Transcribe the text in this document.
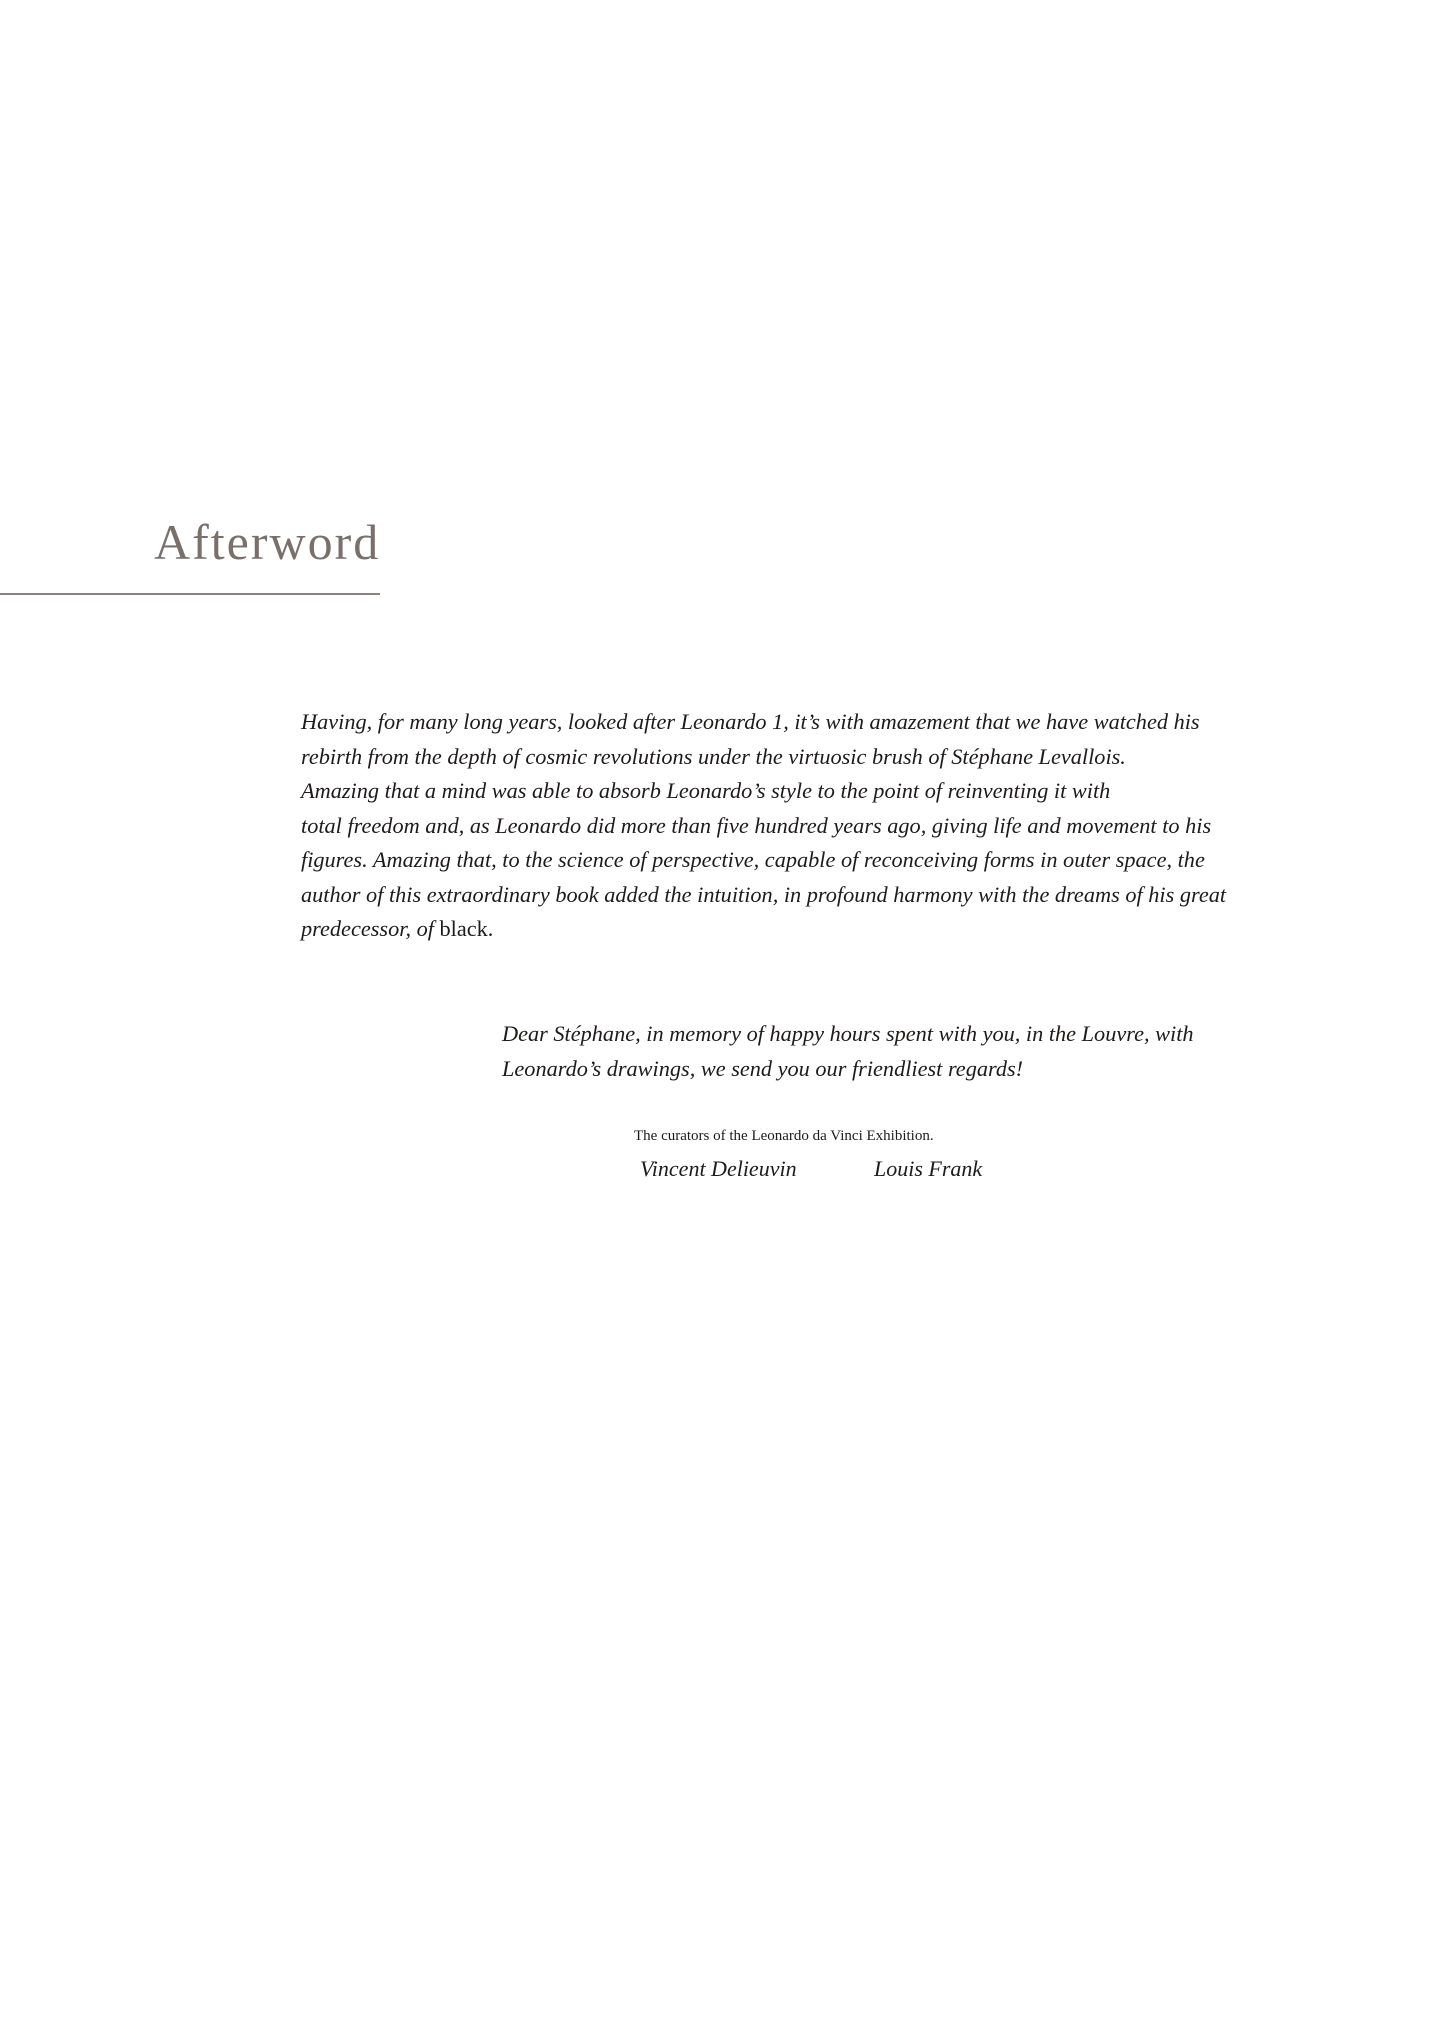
Afterword

Having, for many long years, looked after Leonardo 1, it’s with amazement that we have watched his
rebirth from the depth of cosmic revolutions under the virtuosic brush of Stéphane Levallois.
Amazing that a mind was able to absorb Leonardo’s style to the point of reinventing it with
total freedom and, as Leonardo did more than five hundred years ago, giving life and movement to his
figures. Amazing that, to the science of perspective, capable of reconceiving forms in outer space, the
author of this extraordinary book added the intuition, in profound harmony with the dreams of his great
predecessor, of black.

Dear Stéphane, in memory of happy hours spent with you, in the Louvre, with
Leonardo’s drawings, we send you our friendliest regards!

The curators of the Leonardo da Vinci Exhibition.

Vincent Delieuvin	Louis Frank
